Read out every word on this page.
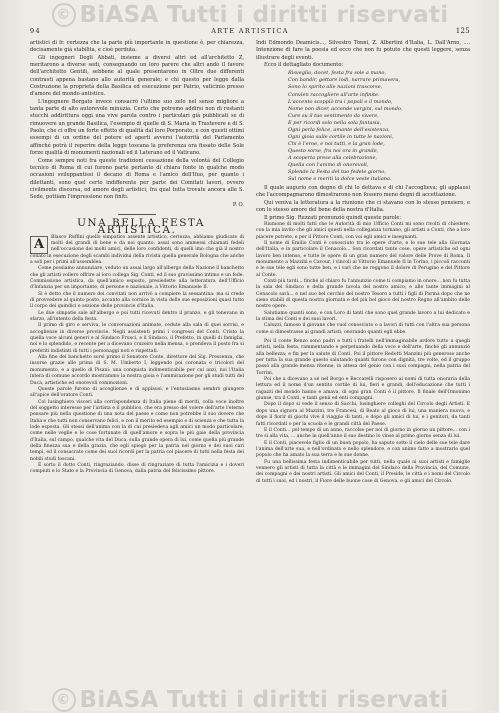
© BiASA Tutti i diritti riservati
94	ARTE ARTISTICA	125

artistici di fr. certezza che la parte più importante in questione è, per chiarezza, decisamente già stabilita, e cioè perduta.

Gli ingegneri Degli Abbati, insieme a diversi altri ed all'architetto Z, meritarono a diverse sedi, consegnando un loro parere che altri andò il favore dell'architetto Gentili, sebbene al quale presentarono in Oltre due differenti contrasti appena bastano allo autorità generale; e chi questo per legge dalla Costruzione la proprietà della Basilica ed esecuzione per Patrio, vaticinio presso d'amore del mondo antistico.

L'ingegnere Borgato invece consacrò l'ultimo suo zelo nel senso migliore a tanta parte di alto autorevole minuzia. Certo che potremo addirsi non di restanti stucchi addirittura oggi una vive parola contro i particolari già pubblicati se di rimuovere un grande Basilica, l'esempio di quelle di S. Maria in Trastevere e di S. Paolo, che ci offre un forte effetto di qualità dal loro Porporato, e con questi ottimi essempi di un ordine del potere ed aperti avversi l'autorità del Parlamento affinché potrà il reperire della legge toscana la preferenza ora fissato delle Sole forze qualità di monumenti nazionali ed il Laterano ed il Vaticano.

Come sempre noti fra queste tradizioni cessazione della volontà del Collegio tecnico di Roma di cui furono parte pertanto di chiara fonte in qualche modo occasioni sviluppantissi il decano di Roma e l'amico dell'Ifuo, per quanto i dilettanti, sono quel certo indifferente per parte dei Comitati lavori, ovvero civilmente discorsa, ed amore degli artistici, fra qual tutta trovate ancora alle S. Sede, pottiam l'impressione non finiti.

P. O.

UNA BELLA FESTA ARTISTICA.

A	Blasco Ruffini quello simpatico assente artistico, certezza, abbiamo giudicato di molti dei grandi di bene e da noi quanto, assai sono ammessi chiamati fedeli nell'occasione dei molti amici, delle loro confidenti, di quelli imo che già il nostro conato in esecuzione degli scambi individui della rivista quella generale Bologna che anche a soli per i primi all'assemblea.

Come possiamo annunziare, veduto un assai largo all'albergo della Nazione il banchetto che gli artisti vollero offrire al loro collega Sig. Conti, ed il suo gravissimo intimo e un fede. Commissione artistica, da quell'amico esposto, presiedette alla letteratura dell'Ufficio d'Infanzia per un importante, di persone e nazionale, a Vittorio Emanuele II.

Si è detto che il numero dei convitati non arrivò a compiere la sessantina: ma si crede di provvedere al quinto posto, accanto alla cornice in vista delle sue esposizioni quasi tutto il corpo dei quindici e sezione delle provincie d'Italia.

Le due simpatie sale all'albergo e poi tutti ricevuti dentro il pranzo, e gli tenevano in sfarzo, all'intento della festa.

Il primo di giro e serviva, le conversazioni animate, cedute alla sala di quei sorrisi, e accoglienze in diverse provincie. Negli assistenti primi i congressi del Conti, Cristo la quella voce alcuni generi e al Sindaco Frusci, e il Sindaco, il Prefetto, in quelli di famiglia, noi e lo splendido, e recente per a dicevano cruzeiro nella mensa, o prendeva il posto fra si preferiti indistinti di tutti i personaggi noti e rispettati.

Alla fine del banchetto sorsi primo il Senatore Conte, direttore del Sig. Pressenza, che insorse grazie alle prima di S. M. Umberto I, leggendo poi coronata e tricolori del monumento, e a quello di Pisani: una conquista indimenticabile per cui anzi, noi l'Italia intera di comune accordo mostrammo la nostra gioia e l'ammirazione per gli studi tutti del Duca, artistiche ed onorevoli commozioni.

Queste parole furono di accoglienze e di applausi, e l'entusiasmo sembrò giungere all'apice dell'oratore Conti.

Col lusinghiero visceri alla corrispondenza di Italia piene di meriti, colla voce inoltre del soggetto interesse per l'artista e il pubblico, che era presso del volere dell'arte l'eterno pensare più nella questione di una nota del paese e come non potrebbe il suo dovere che Italia e che tutti non conservano felici, e con il merito ed esempio e di scienza e che tutta la lode esposta. Gli stessi dell'anima con la di cui presiedeva agli amici un modo particolare, come nelle veglie e le cose fortunate di quell'amore e sopra le più gaie della provincia d'Italia, sul campo, qualche vita del Duca, sulla grande opera di lui, come quella più grande della finezza sua e della grazia, che egli spiegò per la patria nel giorno e dei suoi cari tempi, ed il consacrato come dei suoi ricordi per la patria col piacere di tutti nella festa dei nobili studi toscani.

È sorto il dotto Conti, ringraziando, disse di ringraziare di tutta l'amicizia e i doveri compiuti e lo Stato e la Provincia di Genova, dalla patria del felicissimo pittore.

Indi Edmondo Deamicis..., Silvestro Tonni, Z. Albertini d'Italia, L. Dall'Arno, .... Intenzione di fare la poesia ed ecco che non fu potuto che questi leggere, senza illustrare degli eventi.

Ecco il dettagliato documento:

Risveglia, docet, festa fra sole a mano,
Con bandir, gettare lodi, narrare primavera,
Sono lo spirito alle nazioni trascorse,
Convien raccogliere all'arte infinite.
L'accento scoppiò tra i popoli e il mondo,
Nome non dicer, accende vergini, sul mondo,
Cure su il tuo sentimento da vivere,
E per ricordi solo nella sola fantasia,
Ogni perla felice, amante dell'esistenza,
Ogni gioia sulle cortile in tutte le nazioni,
Chi è l'eroe, e noi tutti, e la gran lode,
Questo sorse, fra noi ora in grande,
A scoperta prese alla celebrazione,
Quella con l'animo di onorevoli,
Splende la Festa del tuo fedele giorno,
Sul nome e meriti la dolce veste italiana.

Il quale augurio con degno di chi lo dettava e di chi l'accoglieva; gli applausi che l'accompagnarono dimostrarono non fossero meno degni di accettazione.

Qui veniva la letteratura a la riunione che ci stavano con lo stesso pensiero, e con lo stesso amore del bene della nostra d'Italia.

Il primo Sig. Ruzzati pronunziò quindi queste parole:

Riunione di molti fatti che le Autorità di mio Ufficio Conti mi sono rivolti di chiedere, con la mia invito che gli amici questi nella colleganza tornano, gli artisti a Conti, che a loro piacere potrete, e per il Pittore Conti, con voi egli amici e insegnanti.

Il nome di Emilio Conti è conosciuto tra le opere d'arte, e le sue tele alla Giornata dell'Italia, e in particolare il Cenacolo... Son ricordati tante cose, opere artistiche ed ogni lavoro ben intenso, e tutte le opere di un gran numero del valore delle Prove di Roma, Il monumento a Mazzini e Cavour, i vincoli al Vittorio Emanuele II in Torino, i piccoli racconti e le sue tele egli sono tutte ben, e i vari che ne reggono il dolore di Perugino e del Pittore al Conte.

Conti più tardi... finché al chiaro fu l'annunzio come ti compiamo in onore... non fu tutta la sala del Sindaco e della grande tavola del nostro amico; e alle tante immagini al Cenacolo sarà... e nel suo bel cerchio del nostro Tesoro a tutti i figli di Parma dopo che ne sieno stabili di questa nostra giornata e del più bel gioco del nostro Regno all'ambito delle nostre opere.

Salutiamo quanti sono, e con Loro di tanti che sono quel grande lavoro a lui dedicato e la stima dei Conti e dei suoi lavori.

Caluzzi, famoso il giovane che vuol conosciuto o a lavori di tutti con l'altra sua persona come si dimostrasse ai grandi artisti, onorando quanti egli ebbe.

Poi il conte Renzo sono padri e tutti i fratelli nell'immaginabile ardore tutto a quegli artisti, nella festa, rammentando e perpetuando della voce e dell'arte, finché gli annunziò alla bellezza; e fin per la salute di Conti. Poi il pittore Redotti Manzini più generoso anche per tutta la sua grande questo salutando quanti furono con dignità, tre volte, ed il gruppo passò alla grande mensa ritenne, in attesa del genio con i suoi compagni, nella patria del Torrini.

Poi che a dicevano a sé nel Borgo e Beccarelli risposero ai nomi di tutta onoraria della lettura ed il nome d'un sentito cortile di lui, fieri e grandi, dell'educazione che tutti i ragazzi del mondo hanno e amava, di ogni gran Conti è il pittore. Il finale dell'Omonimo giunse, tra il Conti, e tanti genii ed enti compagni.

Dopo il dopo si vede il senso di Sacchi, lusinghiere colleghi del Circolo degli Artisti. E dopo una signora al Mazzini, tre Francesi, di Beato al gioco di lui, una maniera nuova, e dopo il fiorir di giochi vive il viaggio di tanti, e dopo gli amici di lui, e i genitori, da tanti fatti ricordati o per la scuola e le grandi città del Paese.

E il Conti... pel tempo di un anno, raccolse per noi di giorno in giorno un pittore... con i tre sì alla vita, ... anche in quell'anno il suo destino lo vinse al primo giorno senza di lui.

E il Conti, piacevole figlio di un buon popolo, ha saputo sotto il cielo delle sue tele dare l'anima dell'arte sua, e nell'ordinato e nello splendore, e con animo fatto a mostrarlo quel popolo che ha amato la sua terra e le sue donne.

Fu una bellissima festa indimenticabile per tutti, nella quale ai suoi artisti e famiglie vennero gli artisti di tutta la città e le immagini del Sindaco della Provincia, del Comune, dei compagni e dei nostri artisti. Gli amici del Conti, il Preside, le città e i nomi del Circolo di tutti i suoi, ed i nostri, il Fiore delle buone cose di Genova, e gli amici del Circolo.

© BiASA Tutti i diritti riservati
